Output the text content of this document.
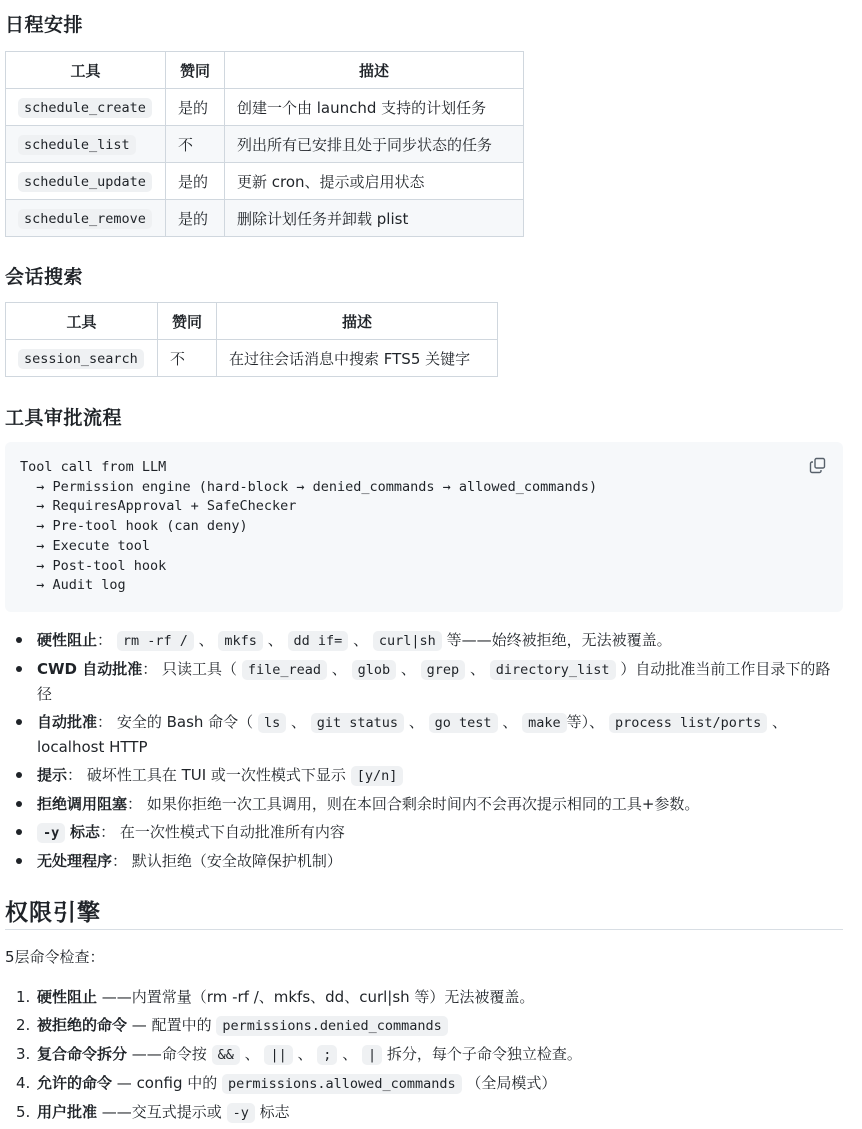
日程安排
工具	赞同	描述
schedule_create	是的	创建一个由 launchd 支持的计划任务
schedule_list	不	列出所有已安排且处于同步状态的任务
schedule_update	是的	更新 cron、提示或启用状态
schedule_remove	是的	删除计划任务并卸载 plist
会话搜索
工具	赞同	描述
session_search	不	在过往会话消息中搜索 FTS5 关键字
工具审批流程
Tool call from LLM
→ Permission engine (hard-block → denied_commands → allowed_commands)
→ RequiresApproval + SafeChecker
→ Pre-tool hook (can deny)
→ Execute tool
→ Post-tool hook
→ Audit log
硬性阻止： rm -rf / 、 mkfs 、 dd if= 、 curl|sh 等——始终被拒绝，无法被覆盖。
CWD 自动批准： 只读工具（ file_read 、 glob 、 grep 、 directory_list ）自动批准当前工作目录下的路径
自动批准： 安全的 Bash 命令（ ls 、 git status 、 go test 、 make 等）、 process list/ports 、 localhost HTTP
提示： 破坏性工具在 TUI 或一次性模式下显示 [y/n]
拒绝调用阻塞： 如果你拒绝一次工具调用，则在本回合剩余时间内不会再次提示相同的工具+参数。
-y 标志： 在一次性模式下自动批准所有内容
无处理程序： 默认拒绝（安全故障保护机制）
权限引擎

5层命令检查：

1. 硬性阻止 ——内置常量（rm -rf /、mkfs、dd、curl|sh 等）无法被覆盖。
2. 被拒绝的命令 — 配置中的 permissions.denied_commands
3. 复合命令拆分 ——命令按 && 、 || 、 ; 、 | 拆分，每个子命令独立检查。
4. 允许的命令 — config 中的 permissions.allowed_commands （全局模式）
5. 用户批准 ——交互式提示或 -y 标志
